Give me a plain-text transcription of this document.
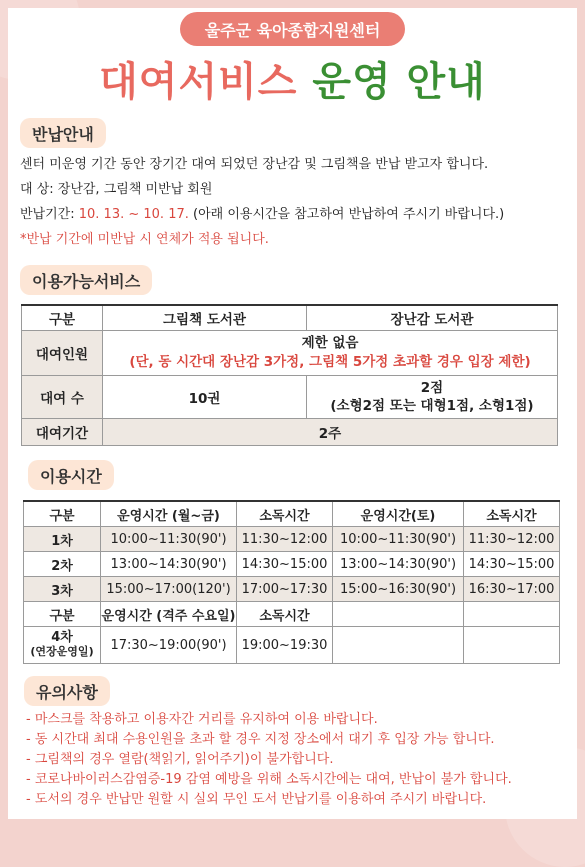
울주군 육아종합지원센터
대여서비스 운영 안내
반납안내
센터 미운영 기간 동안 장기간 대여 되었던 장난감 및 그림책을 반납 받고자 합니다.
대 상: 장난감, 그림책 미반납 회원
반납기간: 10. 13. ~ 10. 17. (아래 이용시간을 참고하여 반납하여 주시기 바랍니다.)
*반납 기간에 미반납 시 연체가 적용 됩니다.
이용가능서비스
구분	그림책 도서관	장난감 도서관
대여인원	제한 없음
(단, 동 시간대 장난감 3가정, 그림책 5가정 초과할 경우 입장 제한)	

대여 수	10권	2점
(소형2점 또는 대형1점, 소형1점)

대여기간	2주	
이용시간
구분	운영시간 (월~금)	소독시간	운영시간(토)	소독시간
1차	10:00~11:30(90')	11:30~12:00	10:00~11:30(90')	11:30~12:00
2차	13:00~14:30(90')	14:30~15:00	13:00~14:30(90')	14:30~15:00
3차	15:00~17:00(120')	17:00~17:30	15:00~16:30(90')	16:30~17:00
구분	운영시간 (격주 수요일)	소독시간		

4차
(연장운영일)	17:30~19:00(90')	19:00~19:30		
유의사항
- 마스크를 착용하고 이용자간 거리를 유지하여 이용 바랍니다.
- 동 시간대 최대 수용인원을 초과 할 경우 지정 장소에서 대기 후 입장 가능 합니다.
- 그림책의 경우 열람(책읽기, 읽어주기)이 불가합니다.
- 코로나바이러스감염증-19 감염 예방을 위해 소독시간에는 대여, 반납이 불가 합니다.
- 도서의 경우 반납만 원할 시 실외 무인 도서 반납기를 이용하여 주시기 바랍니다.
